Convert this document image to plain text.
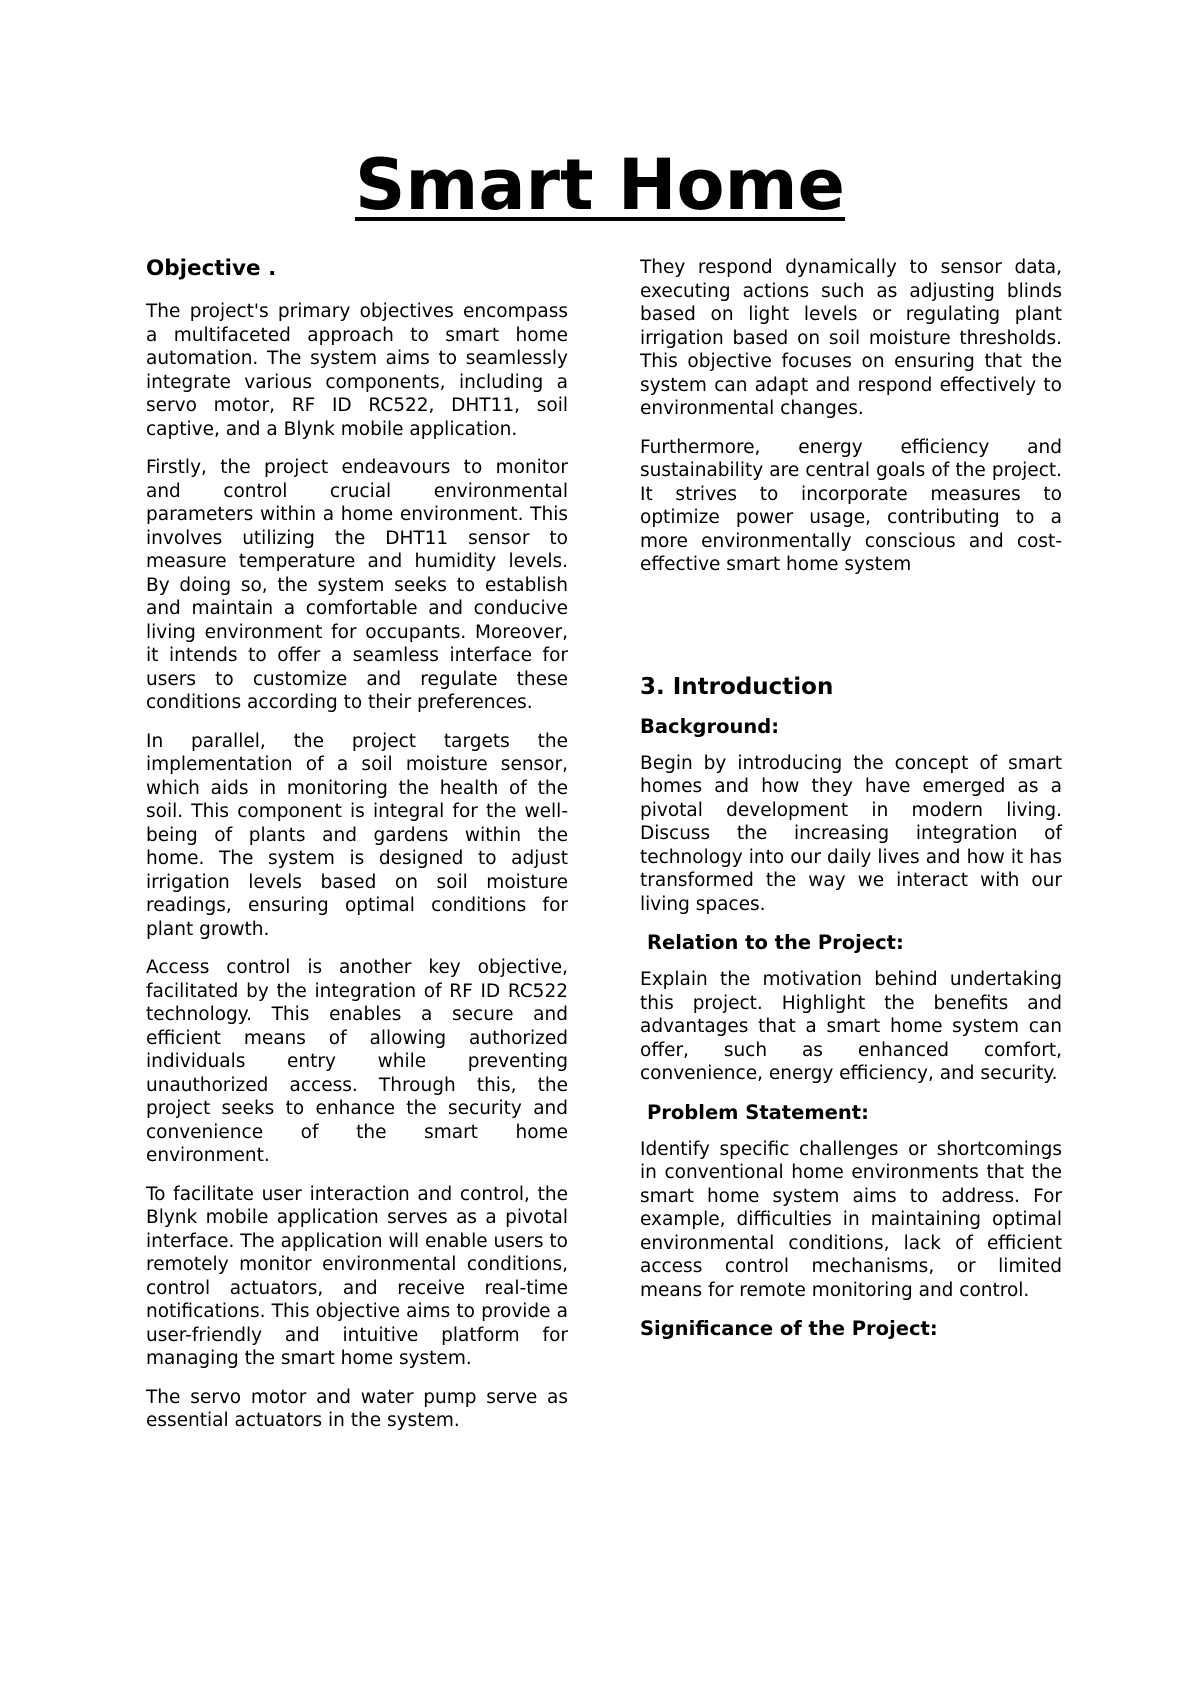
Smart Home
Objective .

The project's primary objectives encompass a multifaceted approach to smart home automation. The system aims to seamlessly integrate various components, including a servo motor, RF ID RC522, DHT11, soil captive, and a Blynk mobile application.

Firstly, the project endeavours to monitor and control crucial environmental parameters within a home environment. This involves utilizing the DHT11 sensor to measure temperature and humidity levels. By doing so, the system seeks to establish and maintain a comfortable and conducive living environment for occupants. Moreover, it intends to offer a seamless interface for users to customize and regulate these conditions according to their preferences.

In parallel, the project targets the implementation of a soil moisture sensor, which aids in monitoring the health of the soil. This component is integral for the well-being of plants and gardens within the home. The system is designed to adjust irrigation levels based on soil moisture readings, ensuring optimal conditions for plant growth.

Access control is another key objective, facilitated by the integration of RF ID RC522 technology. This enables a secure and efficient means of allowing authorized individuals entry while preventing unauthorized access. Through this, the project seeks to enhance the security and convenience of the smart home environment.

To facilitate user interaction and control, the Blynk mobile application serves as a pivotal interface. The application will enable users to remotely monitor environmental conditions, control actuators, and receive real-time notifications. This objective aims to provide a user-friendly and intuitive platform for managing the smart home system.

The servo motor and water pump serve as essential actuators in the system.

They respond dynamically to sensor data, executing actions such as adjusting blinds based on light levels or regulating plant irrigation based on soil moisture thresholds. This objective focuses on ensuring that the system can adapt and respond effectively to environmental changes.

Furthermore, energy efficiency and sustainability are central goals of the project. It strives to incorporate measures to optimize power usage, contributing to a more environmentally conscious and cost-effective smart home system

3. Introduction
Background:

Begin by introducing the concept of smart homes and how they have emerged as a pivotal development in modern living. Discuss the increasing integration of technology into our daily lives and how it has transformed the way we interact with our living spaces.

Relation to the Project:

Explain the motivation behind undertaking this project. Highlight the benefits and advantages that a smart home system can offer, such as enhanced comfort, convenience, energy efficiency, and security.

Problem Statement:

Identify specific challenges or shortcomings in conventional home environments that the smart home system aims to address. For example, difficulties in maintaining optimal environmental conditions, lack of efficient access control mechanisms, or limited means for remote monitoring and control.

Significance of the Project:
